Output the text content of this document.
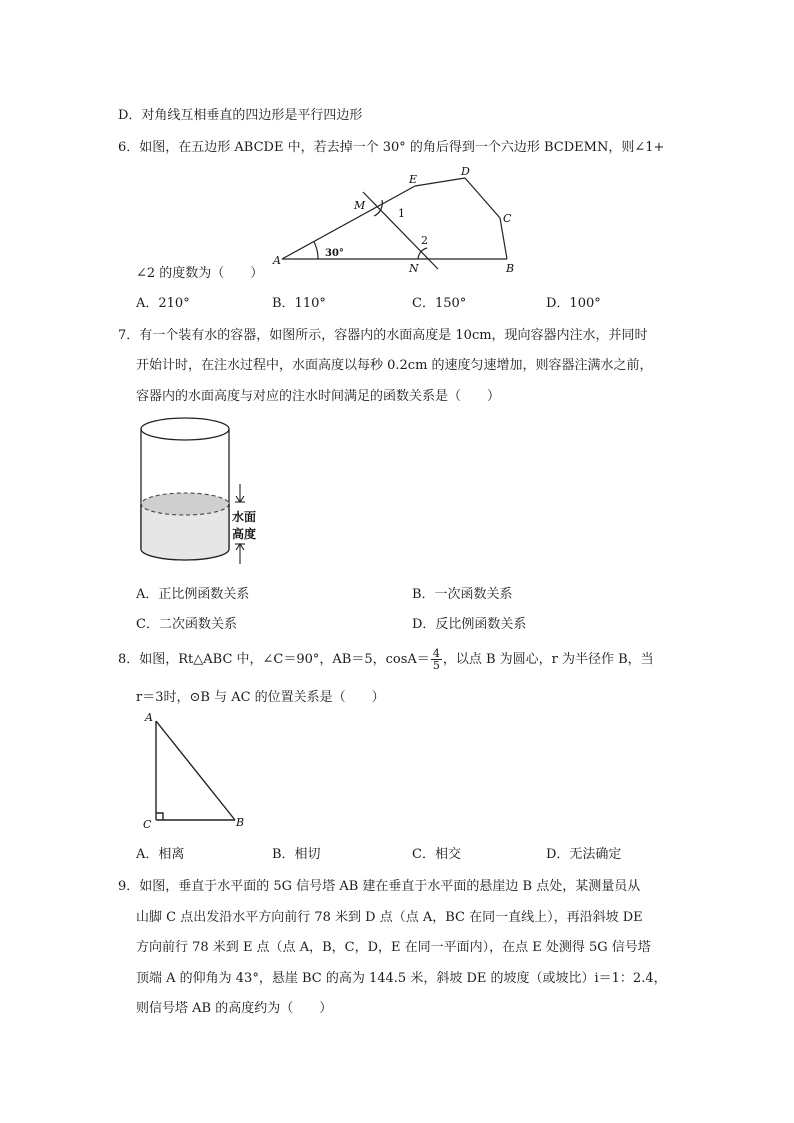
D．对角线互相垂直的四边形是平行四边形
6．如图，在五边形 ABCDE 中，若去掉一个 30° 的角后得到一个六边形 BCDEMN，则∠1+
E
D
M
1	C
2
30°
A
N	B
∠2 的度数为（　　）
A．210°	B．110°	C．150°	D．100°
7．有一个装有水的容器，如图所示，容器内的水面高度是 10cm，现向容器内注水，并同时
开始计时，在注水过程中，水面高度以每秒 0.2cm 的速度匀速增加，则容器注满水之前，
容器内的水面高度与对应的注水时间满足的函数关系是（　　）
水面
高度
A．正比例函数关系	B．一次函数关系
C．二次函数关系	D．反比例函数关系
8．如图，Rt△ABC 中，∠C＝90°，AB＝5，$\cos A= \frac{4}{5}$ ，以点 B 为圆心，r 为半径作 B，当
r＝3时，⊙B 与 AC 的位置关系是（　　）
A
C	B
A．相离	B．相切	C．相交	D．无法确定
9．如图，垂直于水平面的 5G 信号塔 AB 建在垂直于水平面的悬崖边 B 点处，某测量员从
山脚 C 点出发沿水平方向前行 78 米到 D 点（点 A，BC 在同一直线上），再沿斜坡 DE
方向前行 78 米到 E 点（点 A，B，C，D，E 在同一平面内），在点 E 处测得 5G 信号塔
顶端 A 的仰角为 43°，悬崖 BC 的高为 144.5 米，斜坡 DE 的坡度（或坡比）i＝1：2.4，
则信号塔 AB 的高度约为（　　）
